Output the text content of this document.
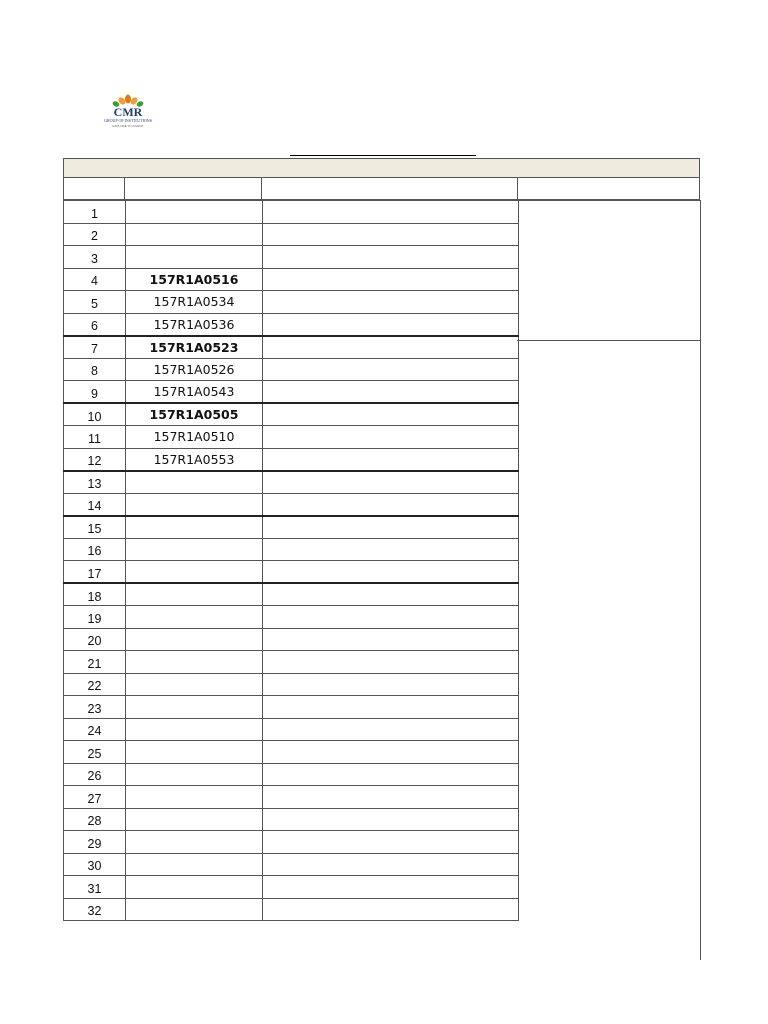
CMR
GROUP OF INSTITUTIONS
EXPLORE TO INVENT
1		
2		
3		
4	157R1A0516	
5	157R1A0534	
6	157R1A0536	
7	157R1A0523	
8	157R1A0526	
9	157R1A0543	
10	157R1A0505	
11	157R1A0510	
12	157R1A0553	
13		
14		
15		
16		
17		
18		
19		
20		
21		
22		
23		
24		
25		
26		
27		
28		
29		
30		
31		
32		
